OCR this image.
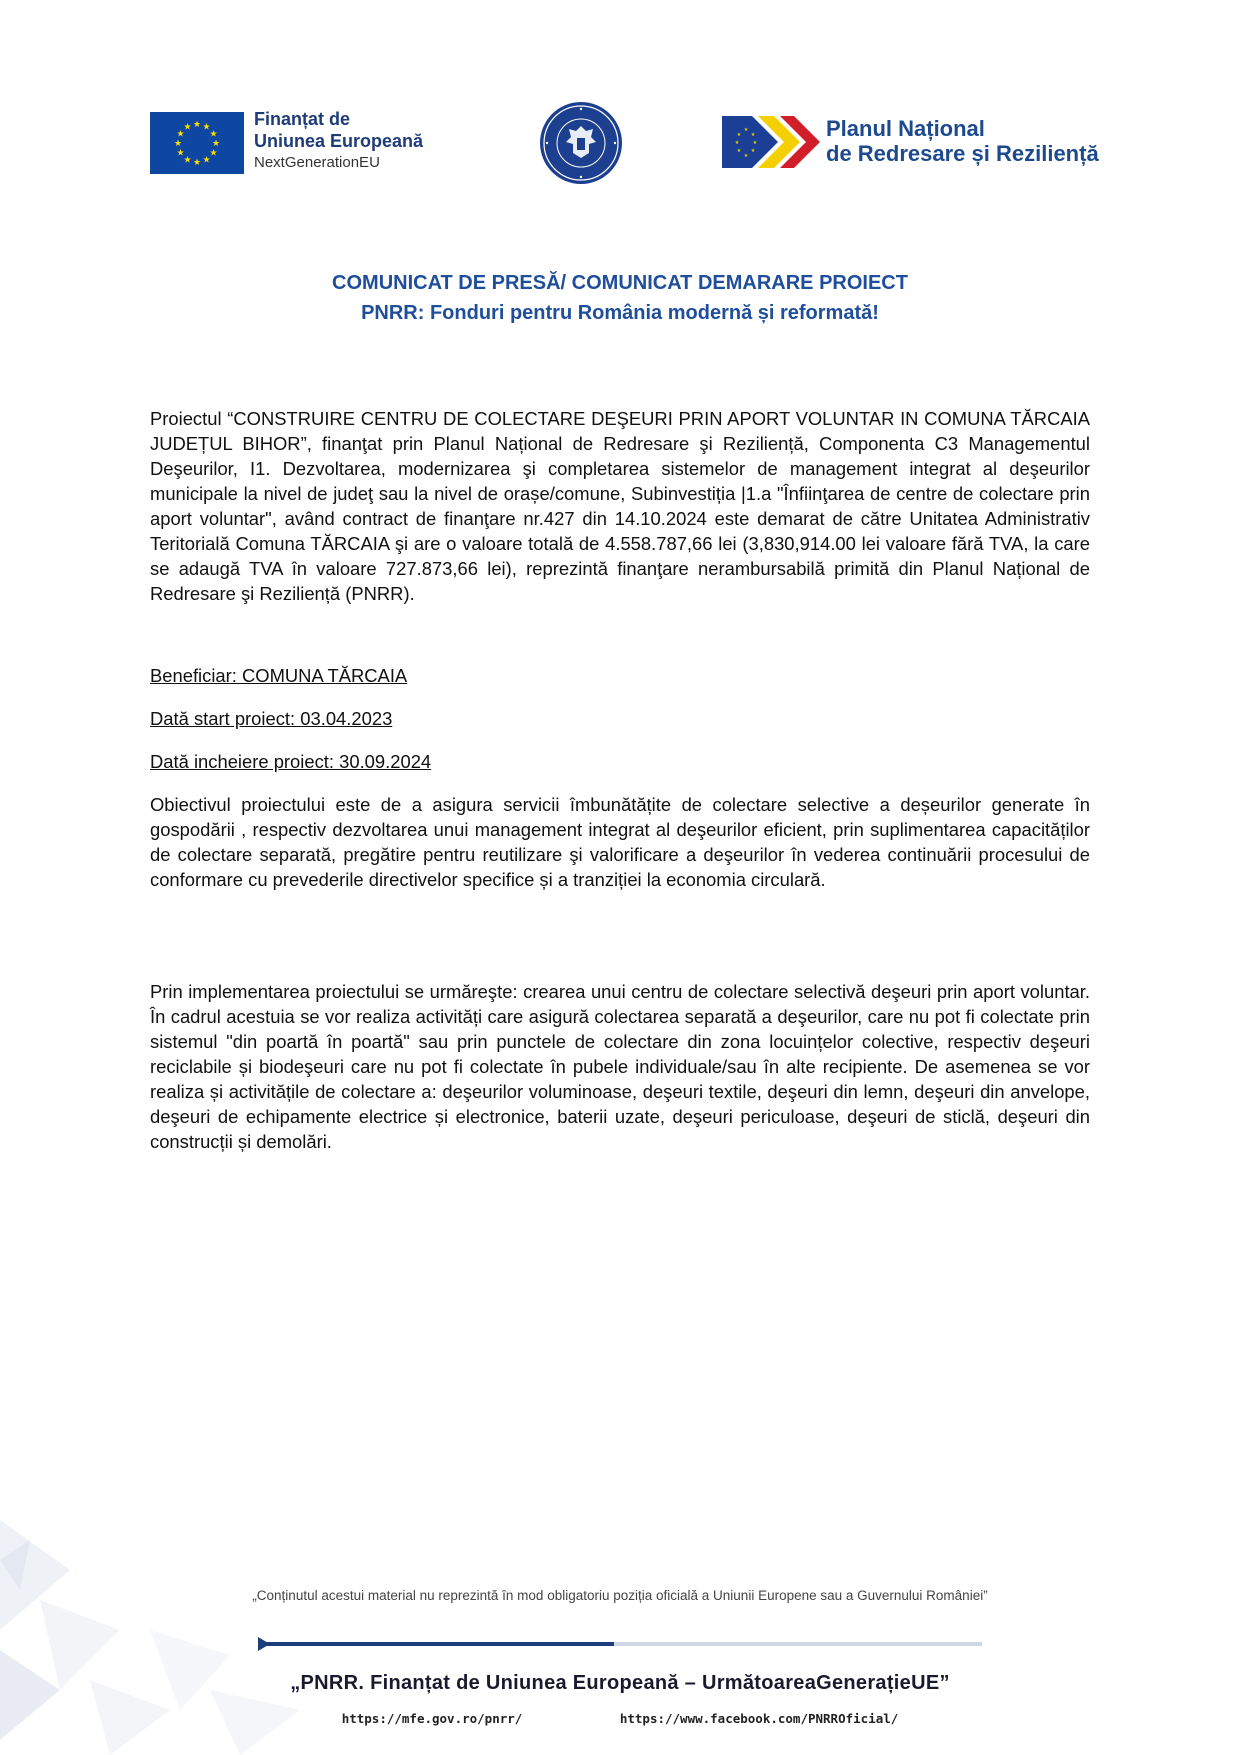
★ ★
★
★
★
★
★
★
★
★
★
★	Finanțat de
Uniunea Europeană
NextGenerationEU
★
★
★
★
★
★
★
★	Planul Național
de Redresare și Reziliență
COMUNICAT DE PRESĂ/ COMUNICAT DEMARARE PROIECT
PNRR: Fonduri pentru România modernă și reformată!
Proiectul “CONSTRUIRE CENTRU DE COLECTARE DEŞEURI PRIN APORT VOLUNTAR IN COMUNA TĂRCAIA JUDEȚUL BIHOR”, finanţat prin Planul Național de Redresare şi Reziliență, Componenta C3 Managementul Deşeurilor, I1. Dezvoltarea, modernizarea şi completarea sistemelor de management integrat al deşeurilor municipale la nivel de judeţ sau la nivel de orașe/comune, Subinvestiția |1.a "Înfiinţarea de centre de colectare prin aport voluntar", având contract de finanţare nr.427 din 14.10.2024 este demarat de către Unitatea Administrativ Teritorială Comuna TĂRCAIA şi are o valoare totală de 4.558.787,66 lei (3,830,914.00 lei valoare fără TVA, la care se adaugă TVA în valoare 727.873,66 lei), reprezintă finanţare nerambursabilă primită din Planul Național de Redresare şi Reziliență (PNRR).
Beneficiar: COMUNA TĂRCAIA
Dată start proiect: 03.04.2023
Dată incheiere proiect: 30.09.2024
Obiectivul proiectului este de a asigura servicii îmbunătățite de colectare selective a deșeurilor generate în gospodării , respectiv dezvoltarea unui management integrat al deşeurilor eficient, prin suplimentarea capacităților de colectare separată, pregătire pentru reutilizare şi valorificare a deşeurilor în vederea continuării procesului de conformare cu prevederile directivelor specifice și a tranziției la economia circulară.
Prin implementarea proiectului se urmăreşte: crearea unui centru de colectare selectivă deşeuri prin aport voluntar. În cadrul acestuia se vor realiza activități care asigură colectarea separată a deşeurilor, care nu pot fi colectate prin sistemul "din poartă în poartă" sau prin punctele de colectare din zona locuințelor colective, respectiv deşeuri reciclabile și biodeşeuri care nu pot fi colectate în pubele individuale/sau în alte recipiente. De asemenea se vor realiza și activitățile de colectare a: deşeurilor voluminoase, deşeuri textile, deşeuri din lemn, deşeuri din anvelope, deşeuri de echipamente electrice și electronice, baterii uzate, deşeuri periculoase, deşeuri de sticlă, deşeuri din construcții și demolări.
„Conținutul acestui material nu reprezintă în mod obligatoriu poziția oficială a Uniunii Europene sau a Guvernului României”
„PNRR. Finanțat de Uniunea Europeană – UrmătoareaGenerațieUE”
https://mfe.gov.ro/pnrr/	https://www.facebook.com/PNRROficial/
